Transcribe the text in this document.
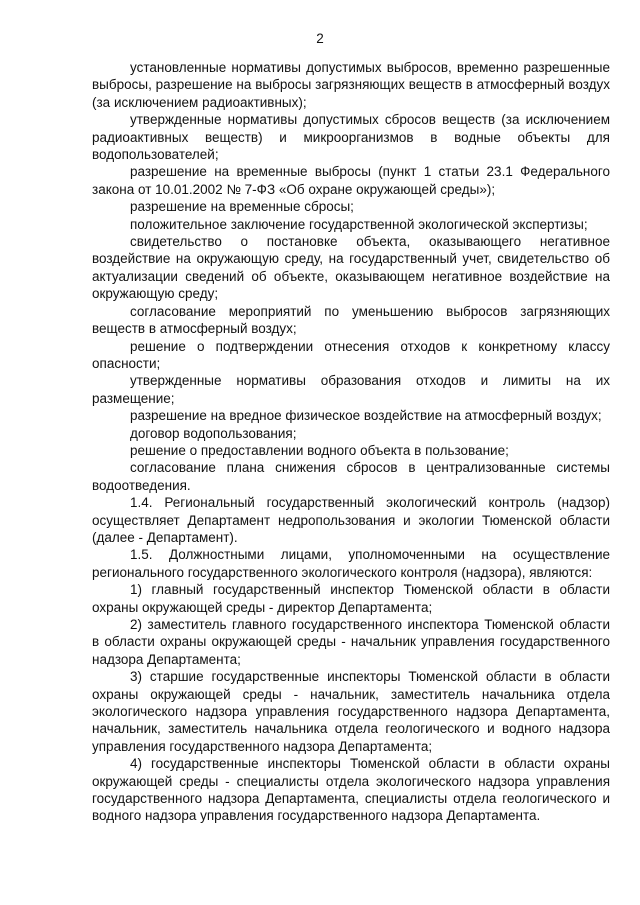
2

установленные нормативы допустимых выбросов, временно разрешенные выбросы, разрешение на выбросы загрязняющих веществ в атмосферный воздух (за исключением радиоактивных);

утвержденные нормативы допустимых сбросов веществ (за исключением радиоактивных веществ) и микроорганизмов в водные объекты для водопользователей;

разрешение на временные выбросы (пункт 1 статьи 23.1 Федерального закона от 10.01.2002 № 7-ФЗ «Об охране окружающей среды»);

разрешение на временные сбросы;

положительное заключение государственной экологической экспертизы;

свидетельство о постановке объекта, оказывающего негативное воздействие на окружающую среду, на государственный учет, свидетельство об актуализации сведений об объекте, оказывающем негативное воздействие на окружающую среду;

согласование мероприятий по уменьшению выбросов загрязняющих веществ в атмосферный воздух;

решение о подтверждении отнесения отходов к конкретному классу опасности;

утвержденные нормативы образования отходов и лимиты на их размещение;

разрешение на вредное физическое воздействие на атмосферный воздух;

договор водопользования;

решение о предоставлении водного объекта в пользование;

согласование плана снижения сбросов в централизованные системы водоотведения.

1.4. Региональный государственный экологический контроль (надзор) осуществляет Департамент недропользования и экологии Тюменской области (далее - Департамент).

1.5. Должностными лицами, уполномоченными на осуществление регионального государственного экологического контроля (надзора), являются:

1) главный государственный инспектор Тюменской области в области охраны окружающей среды - директор Департамента;

2) заместитель главного государственного инспектора Тюменской области в области охраны окружающей среды - начальник управления государственного надзора Департамента;

3) старшие государственные инспекторы Тюменской области в области охраны окружающей среды - начальник, заместитель начальника отдела экологического надзора управления государственного надзора Департамента, начальник, заместитель начальника отдела геологического и водного надзора управления государственного надзора Департамента;

4) государственные инспекторы Тюменской области в области охраны окружающей среды - специалисты отдела экологического надзора управления государственного надзора Департамента, специалисты отдела геологического и водного надзора управления государственного надзора Департамента.
